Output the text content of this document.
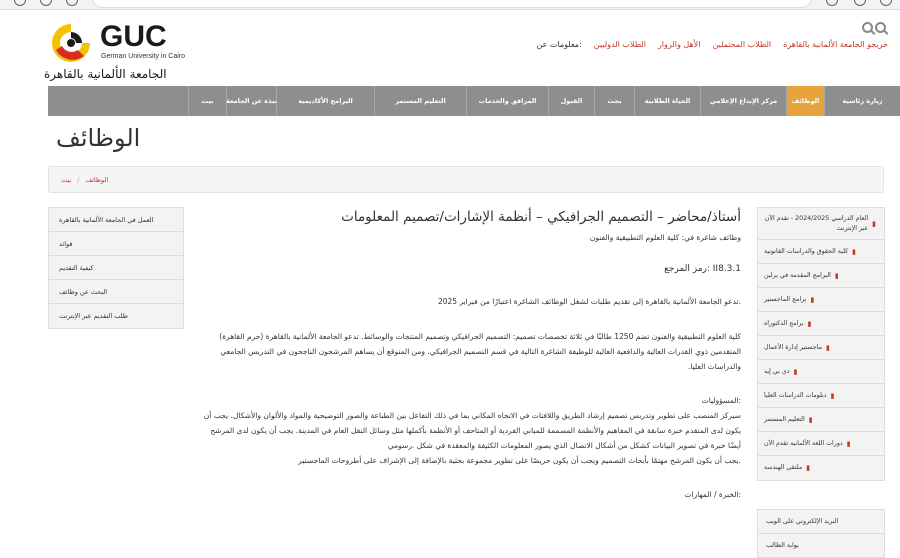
GUC
German University in Cairo
الجامعة الألمانية بالقاهرة
خريجو الجامعة الألمانية بالقاهرة
الطلاب المحتملين
الأهل والزوار
الطلاب الدوليين
:معلومات عن
زيارة رئاسية
الوظائف
مركز الإبداع الإعلامي
الحياة الطلابية
بحث
القبول
المرافق والخدمات
التعليم المستمر
البرامج الأكاديمية
نبذة عن الجامعة
بيت
الوظائف
بيت / الوظائف
العمل في الجامعة الألمانية بالقاهرة
فوائد
كيفية التقديم
البحث عن وظائف
طلب التقديم عبر الإنترنت
أستاذ/محاضر – التصميم الجرافيكي – أنظمة الإشارات/تصميم المعلومات
وظائف شاغرة في: كلية العلوم التطبيقية والفنون
II8.3.1 :رمز المرجع
.تدعو الجامعة الألمانية بالقاهرة إلى تقديم طلبات لشغل الوظائف الشاغرة اعتبارًا من فبراير 2025
كلية العلوم التطبيقية والفنون تضم 1250 طالبًا في ثلاثة تخصصات تصميم: التصميم الجرافيكي وتصميم المنتجات والوسائط. تدعو الجامعة الألمانية بالقاهرة (حرم القاهرة) المتقدمين ذوي القدرات العالية والدافعية العالية للوظيفة الشاغرة التالية في قسم التصميم الجرافيكي. ومن المتوقع أن يساهم المرشحون الناجحون في التدريس الجامعي والدراسات العليا.
:المسؤوليات
سيركز المنصب على تطوير وتدريس تصميم إرشاد الطريق واللافتات في الاتجاه المكاني بما في ذلك التفاعل بين الطباعة والصور التوضيحية والمواد والألوان والأشكال. يجب أن يكون لدى المتقدم خبرة سابقة في المفاهيم والأنظمة المصممة للمباني الفردية أو المتاحف أو الأنظمة بأكملها مثل وسائل النقل العام في المدينة. يجب أن يكون لدى المرشح أيضًا خبرة في تصوير البيانات كشكل من أشكال الاتصال الذي يصور المعلومات الكثيفة والمعقدة في شكل .رسومي
.يجب أن يكون المرشح مهتمًا بأبحاث التصميم ويجب أن يكون حريصًا على تطوير مجموعة بحثية بالإضافة إلى الإشراف على أطروحات الماجستير
:الخبرة / المهارات
▮
العام الدراسي 2024/2025 - تقدم الآن عبر الإنترنت
▮
كلية الحقوق والدراسات القانونية
▮
البرامج المقدمة في برلين
▮
برامج الماجستير
▮
برامج الدكتوراه
▮
ماجستير إدارة الأعمال
▮
دي بي إيه
▮
دبلومات الدراسات العليا
▮
التعليم المستمر
▮
دورات اللغة الألمانية تقدم الآن
▮
ملتقى الهندسة
البريد الإلكتروني على الويب
بوابة الطالب
